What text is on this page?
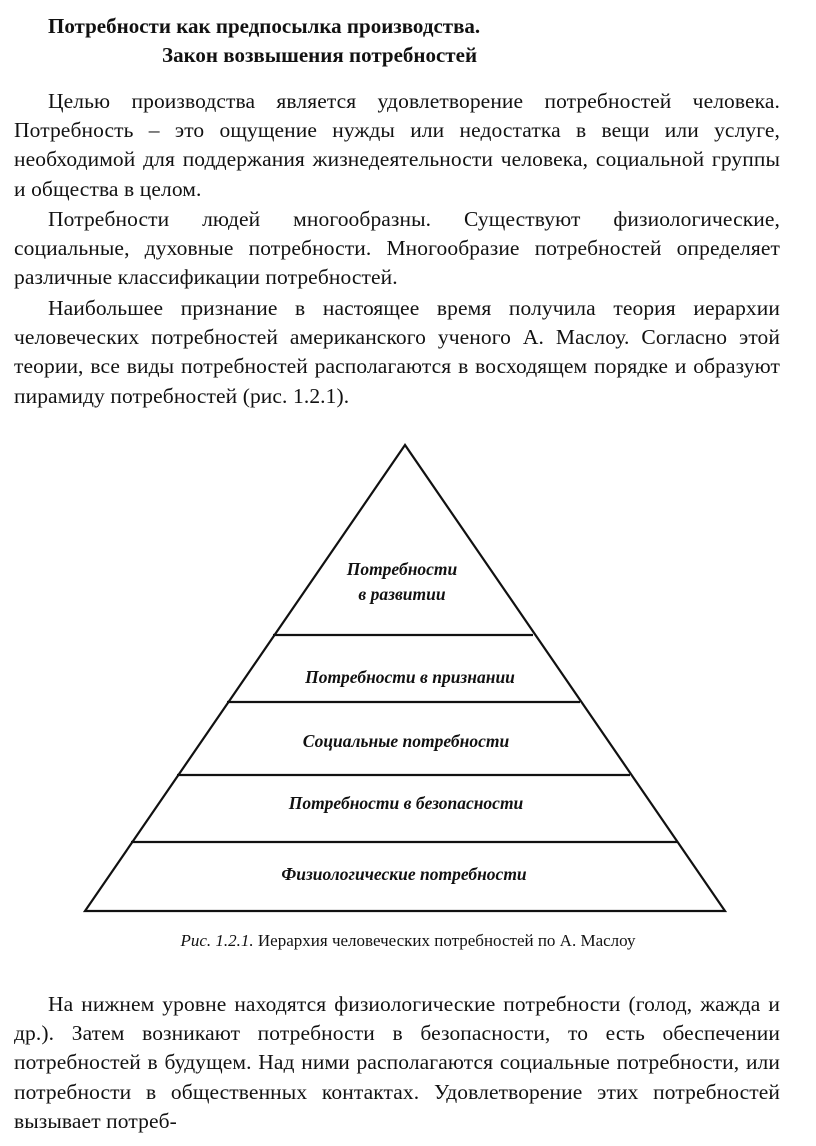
Потребности как предпосылка производства.
Закон возвышения потребностей

Целью производства является удовлетворение потребностей человека. Потребность – это ощущение нужды или недостатка в вещи или услуге, необходимой для поддержания жизнедеятельности человека, социальной группы и общества в целом.

Потребности людей многообразны. Существуют физиологические, социальные, духовные потребности. Многообразие потребностей определяет различные классификации потребностей.

Наибольшее признание в настоящее время получила теория иерархии человеческих потребностей американского ученого А. Маслоу. Согласно этой теории, все виды потребностей располагаются в восходящем порядке и образуют пирамиду потребностей (рис. 1.2.1).

Потребности
в развитии
Потребности в признании
Социальные потребности
Потребности в безопасности
Физиологические потребности
Рис. 1.2.1. Иерархия человеческих потребностей по А. Маслоу

На нижнем уровне находятся физиологические потребности (голод, жажда и др.). Затем возникают потребности в безопасности, то есть обеспечении потребностей в будущем. Над ними располагаются социальные потребности, или потребности в общественных контактах. Удовлетворение этих потребностей вызывает потреб-
